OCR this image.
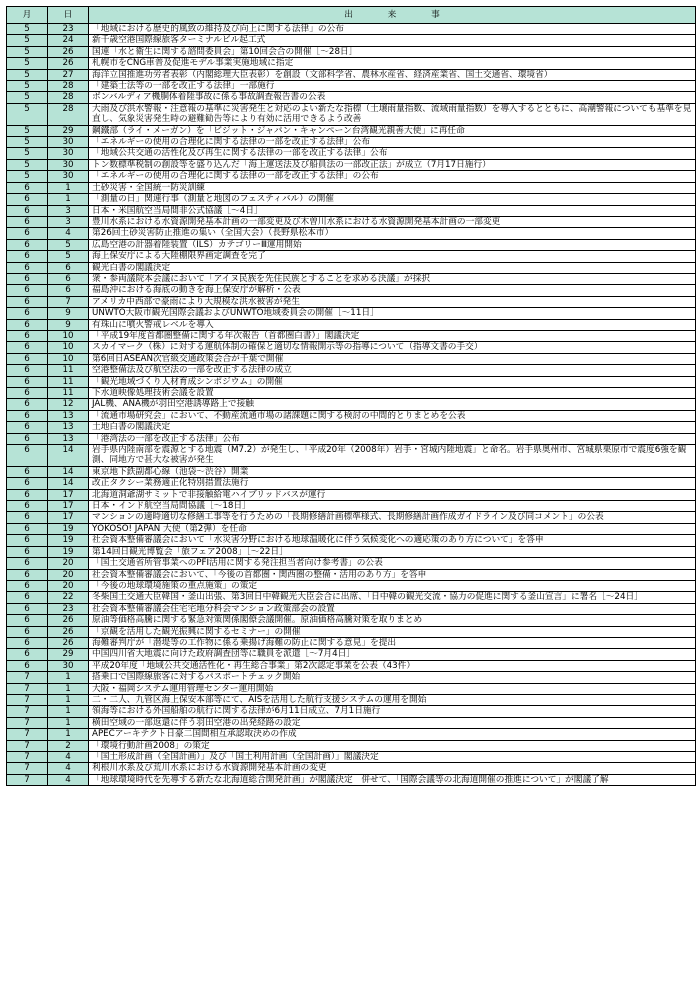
月	日	出　　　　来　　　　事
5	23	「地域における歴史的風致の維持及び向上に関する法律」の公布
5	24	新千歳空港国際線旅客ターミナルビル起工式
5	26	国連「水と衛生に関する諮問委員会」第10回会合の開催［～28日］
5	26	札幌市をCNG車普及促進モデル事業実施地域に指定
5	27	海洋立国推進功労者表彰（内閣総理大臣表彰）を創設（文部科学省、農林水産省、経済産業省、国土交通省、環境省）
5	28	「建築士法等の一部を改正する法律」一部施行
5	28	ボンバルディア機胴体着陸事故に係る事故調査報告書の公表
5	28	大雨及び洪水警報・注意報の基準に災害発生と対応のよい新たな指標（土壌雨量指数、流域雨量指数）を導入するとともに、高潮警報についても基準を見直し、気象災害発生時の避難勧告等により有効に活用できるよう改善
5	29	鋼鐵部（ライ・メーガン）を「ビジット・ジャパン・キャンペーン台湾観光親善大使」に再任命
5	30	「エネルギーの使用の合理化に関する法律の一部を改正する法律」公布
5	30	「地域公共交通の活性化及び再生に関する法律の一部を改正する法律」公布
5	30	トン数標準税制の創設等を盛り込んだ「海上運送法及び船員法の一部改正法」が成立（7月17日施行）
5	30	「エネルギーの使用の合理化に関する法律の一部を改正する法律」の公布
6	1	土砂災害・全国統一防災訓練
6	1	「測量の日」関連行事（測量と地図のフェスティバル）の開催
6	3	日本・米国航空当局間非公式協議［～4日］
6	3	豊川水系における水資源開発基本計画の一部変更及び木曽川水系における水資源開発基本計画の一部変更
6	4	第26回土砂災害防止推進の集い（全国大会）（長野県松本市）
6	5	広島空港の計器着陸装置（ILS）カテゴリーⅢ運用開始
6	5	海上保安庁による大陸棚限界画定調査を完了
6	6	観光白書の閣議決定
6	6	衆・参両議院本会議において「アイヌ民族を先住民族とすることを求める決議」が採択
6	6	福島沖における海底の動きを海上保安庁が解析・公表
6	7	アメリカ中西部で豪雨により大規模な洪水被害が発生
6	9	UNWTO大阪市観光国際会議およびUNWTO地域委員会の開催［～11日］
6	9	有珠山に噴火警戒レベルを導入
6	10	「平成19年度首都圏整備に関する年次報告（首都圏白書）」閣議決定
6	10	スカイマーク（株）に対する運航体制の確保と適切な情報開示等の指導について（指導文書の手交）
6	10	第6回日ASEAN次官級交通政策会合が千葉で開催
6	11	空港整備法及び航空法の一部を改正する法律の成立
6	11	「観光地域づくり人材育成シンポジウム」の開催
6	11	下水道映像処理技術会議を設置
6	12	JAL機、ANA機が羽田空港誘導路上で接触
6	13	「流通市場研究会」において、不動産流通市場の諸課題に関する検討の中間的とりまとめを公表
6	13	土地白書の閣議決定
6	13	「港湾法の一部を改正する法律」公布
6	14	岩手県内陸南部を震源とする地震（M7.2）が発生し、「平成20年（2008年）岩手・宮城内陸地震」と命名。岩手県奥州市、宮城県栗原市で震度6強を観測、同地方で甚大な被害が発生
6	14	東京地下鉄副都心線（池袋～渋谷）開業
6	14	改正タクシー業務適正化特別措置法施行
6	17	北海道洞爺湖サミットで非接触給電ハイブリッドバスが運行
6	17	日本・インド航空当局間協議［～18日］
6	17	マンションの適時適切な修繕工事等を行うための「長期修繕計画標準様式、長期修繕計画作成ガイドライン及び同コメント」の公表
6	19	YŌKOSO! JAPAN 大使（第2弾）を任命
6	19	社会資本整備審議会において「水災害分野における地球温暖化に伴う気候変化への適応策のあり方について」を答申
6	19	第14回日観光博覧会「旅フェア2008」［～22日］
6	20	「国土交通省所管事業へのPFI活用に関する発注担当者向け参考書」の公表
6	20	社会資本整備審議会において、「今後の首都圏・関西圏の整備・活用のあり方」を答申
6	20	「今後の地球環境施策の重点施策」の策定
6	22	冬柴国土交通大臣韓国・釜山出張、第3回日中韓観光大臣会合に出席、「日中韓の観光交流・協力の促進に関する釜山宣言」に署名［～24日］
6	23	社会資本整備審議会住宅宅地分科会マンション政策部会の設置
6	26	原油等価格高騰に関する緊急対策関係閣僚会議開催。原油価格高騰対策を取りまとめ
6	26	「京観を活用した観光振興に関するセミナー」の開催
6	26	海難審判庁が「潜堤等の工作物に係る乗揚げ海難の防止に関する意見」を提出
6	29	中国四川省大地震に向けた政府調査団等に職員を派遣［～7月4日］
6	30	平成20年度「地域公共交通活性化・再生総合事業」第2次認定事業を公表（43件）
7	1	搭乗口で国際線旅客に対するパスポートチェック開始
7	1	大阪・福岡システム運用管理センター運用開始
7	1	二・二人、九管区海上保安本部等にて、AISを活用した航行支援システムの運用を開始
7	1	領海等における外国船舶の航行に関する法律が6月11日成立、7月1日施行
7	1	横田空域の一部返還に伴う羽田空港の出発経路の設定
7	1	APECアーキテクト日豪二国間相互承認取決めの作成
7	2	「環境行動計画2008」の策定
7	4	「国土形成計画（全国計画）」及び「国土利用計画（全国計画）」閣議決定
7	4	利根川水系及び荒川水系における水資源開発基本計画の変更
7	4	「地球環境時代を先導する新たな北海道総合開発計画」が閣議決定　併せて、「国際会議等の北海道開催の推進について」が閣議了解
